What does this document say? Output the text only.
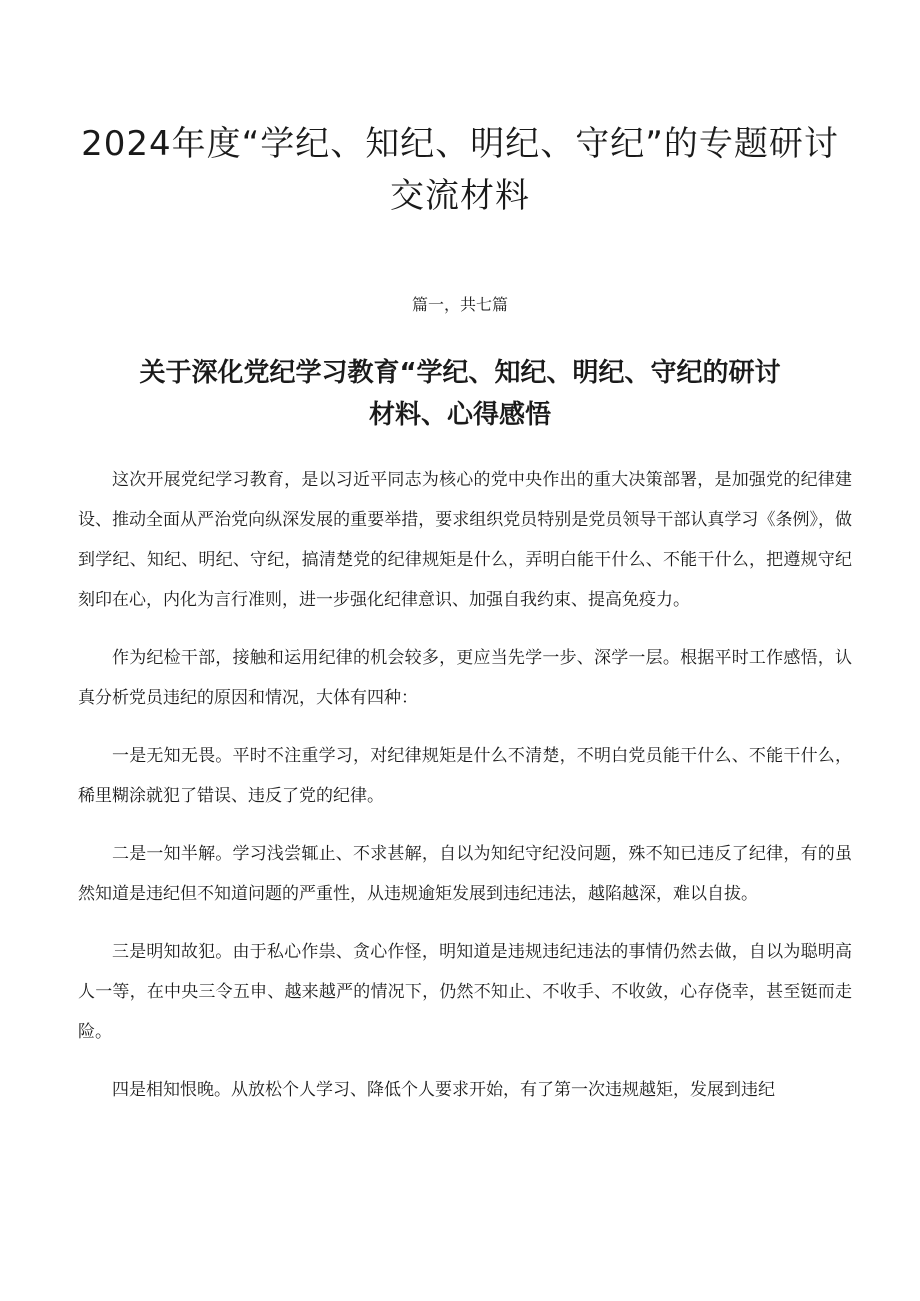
2024年度“学纪、知纪、明纪、守纪”的专题研讨
交流材料
篇一，共七篇
关于深化党纪学习教育“学纪、知纪、明纪、守纪的研讨
材料、心得感悟

这次开展党纪学习教育，是以习近平同志为核心的党中央作出的重大决策部署，是加强党的纪律建设、推动全面从严治党向纵深发展的重要举措，要求组织党员特别是党员领导干部认真学习《条例》，做到学纪、知纪、明纪、守纪，搞清楚党的纪律规矩是什么，弄明白能干什么、不能干什么，把遵规守纪刻印在心，内化为言行准则，进一步强化纪律意识、加强自我约束、提高免疫力。

作为纪检干部，接触和运用纪律的机会较多，更应当先学一步、深学一层。根据平时工作感悟，认真分析党员违纪的原因和情况，大体有四种：

一是无知无畏。平时不注重学习，对纪律规矩是什么不清楚，不明白党员能干什么、不能干什么，稀里糊涂就犯了错误、违反了党的纪律。

二是一知半解。学习浅尝辄止、不求甚解，自以为知纪守纪没问题，殊不知已违反了纪律，有的虽然知道是违纪但不知道问题的严重性，从违规逾矩发展到违纪违法，越陷越深，难以自拔。

三是明知故犯。由于私心作祟、贪心作怪，明知道是违规违纪违法的事情仍然去做，自以为聪明高人一等，在中央三令五申、越来越严的情况下，仍然不知止、不收手、不收敛，心存侥幸，甚至铤而走险。

四是相知恨晚。从放松个人学习、降低个人要求开始，有了第一次违规越矩，发展到违纪
